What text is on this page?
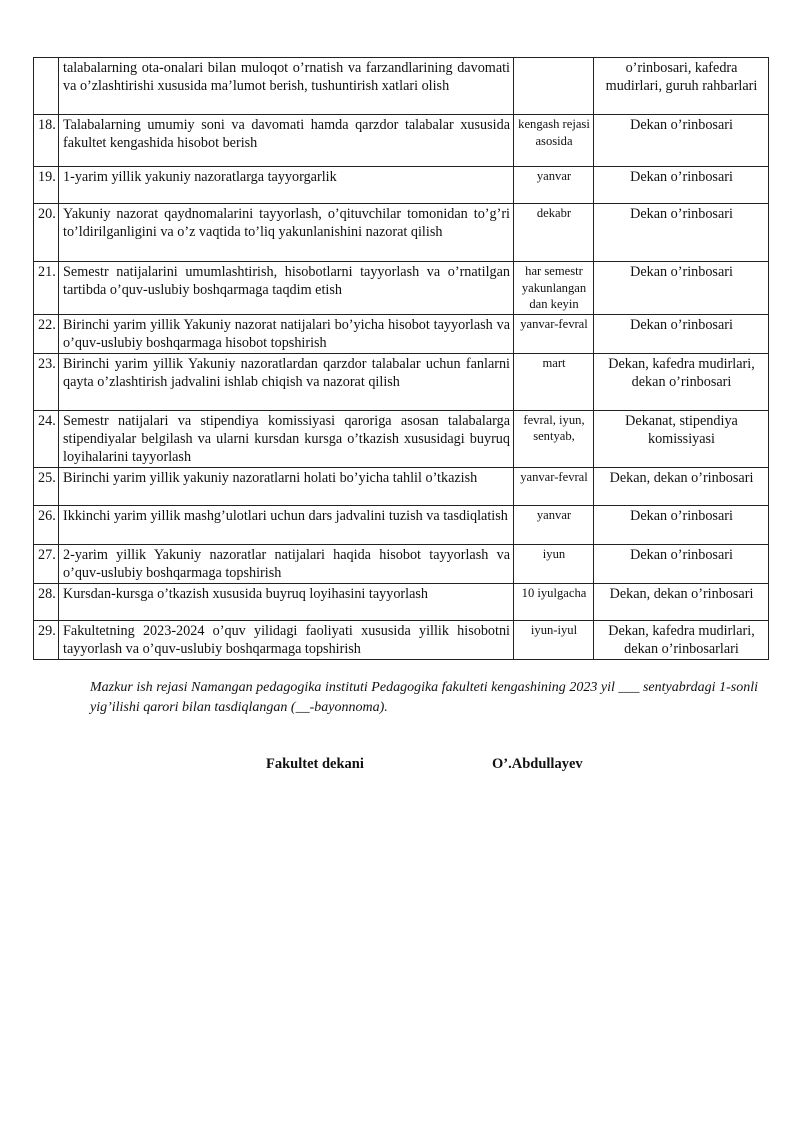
	talabalarning ota-onalari bilan muloqot o’rnatish va farzandlarining davomati va o’zlashtirishi xususida ma’lumot berish, tushuntirish xatlari olish		o’rinbosari, kafedra mudirlari, guruh rahbarlari
18.	Talabalarning umumiy soni va davomati hamda qarzdor talabalar xususida fakultet kengashida hisobot berish	kengash rejasi asosida	Dekan o’rinbosari
19.	1-yarim yillik yakuniy nazoratlarga tayyorgarlik	yanvar	Dekan o’rinbosari
20.	Yakuniy nazorat qaydnomalarini tayyorlash, o’qituvchilar tomonidan to’g’ri to’ldirilganligini va o’z vaqtida to’liq yakunlanishini nazorat qilish	dekabr	Dekan o’rinbosari
21.	Semestr natijalarini umumlashtirish, hisobotlarni tayyorlash va o’rnatilgan tartibda o’quv-uslubiy boshqarmaga taqdim etish	har semestr yakunlangan dan keyin	Dekan o’rinbosari
22.	Birinchi yarim yillik Yakuniy nazorat natijalari bo’yicha hisobot tayyorlash va o’quv-uslubiy boshqarmaga hisobot topshirish	yanvar-fevral	Dekan o’rinbosari
23.	Birinchi yarim yillik Yakuniy nazoratlardan qarzdor talabalar uchun fanlarni qayta o’zlashtirish jadvalini ishlab chiqish va nazorat qilish	mart	Dekan, kafedra mudirlari, dekan o’rinbosari
24.	Semestr natijalari va stipendiya komissiyasi qaroriga asosan talabalarga stipendiyalar belgilash va ularni kursdan kursga o’tkazish xususidagi buyruq loyihalarini tayyorlash	fevral, iyun, sentyab,	Dekanat, stipendiya komissiyasi
25.	Birinchi yarim yillik yakuniy nazoratlarni holati bo’yicha tahlil o’tkazish	yanvar-fevral	Dekan, dekan o’rinbosari
26.	Ikkinchi yarim yillik mashg’ulotlari uchun dars jadvalini tuzish va tasdiqlatish	yanvar	Dekan o’rinbosari
27.	2-yarim yillik Yakuniy nazoratlar natijalari haqida hisobot tayyorlash va o’quv-uslubiy boshqarmaga topshirish	iyun	Dekan o’rinbosari
28.	Kursdan-kursga o’tkazish xususida buyruq loyihasini tayyorlash	10 iyulgacha	Dekan, dekan o’rinbosari
29.	Fakultetning 2023-2024 o’quv yilidagi faoliyati xususida yillik hisobotni tayyorlash va o’quv-uslubiy boshqarmaga topshirish	iyun-iyul	Dekan, kafedra mudirlari, dekan o’rinbosarlari
Mazkur ish rejasi Namangan pedagogika instituti Pedagogika fakulteti kengashining 2023 yil ___ sentyabrdagi 1-sonli yig’ilishi qarori bilan tasdiqlangan (__-bayonnoma).
Fakultet dekani	O’.Abdullayev
